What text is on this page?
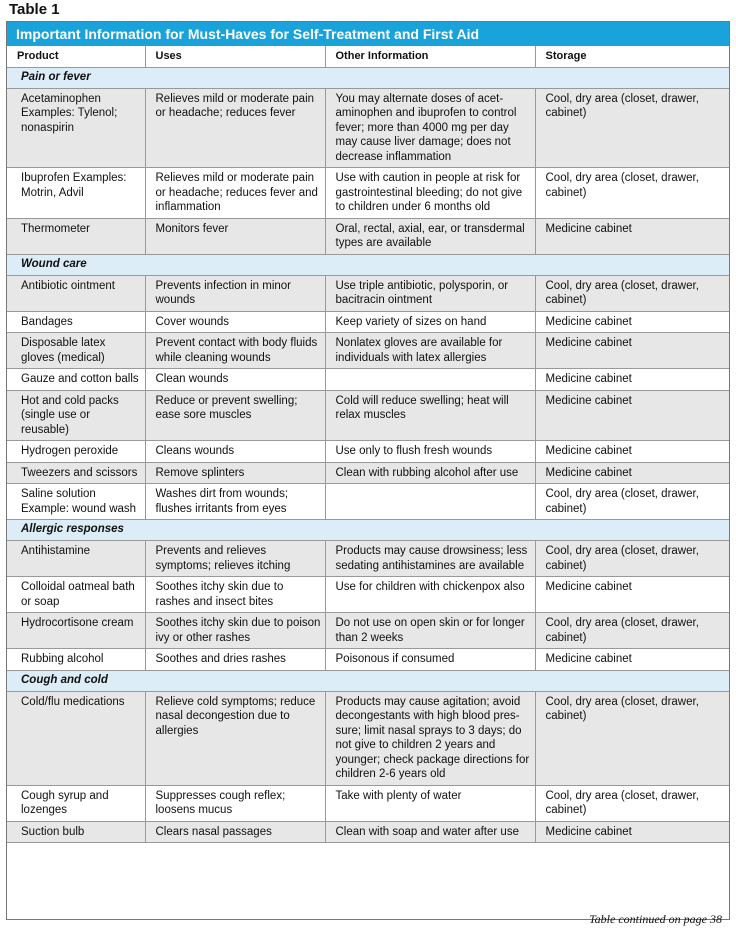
Table 1
Important Information for Must-Haves for Self-Treatment and First Aid
Product	Uses	Other Information	Storage
Pain or fever			
Acetaminophen Examples: Tylenol; nonaspirin	Relieves mild or moderate pain or headache; reduces fever	You may alternate doses of acet-aminophen and ibuprofen to control fever; more than 4000 mg per day may cause liver damage; does not decrease inflammation	Cool, dry area (closet, drawer, cabinet)
Ibuprofen Examples: Motrin, Advil	Relieves mild or moderate pain or headache; reduces fever and inflammation	Use with caution in people at risk for gastrointestinal bleeding; do not give to children under 6 months old	Cool, dry area (closet, drawer, cabinet)
Thermometer	Monitors fever	Oral, rectal, axial, ear, or transdermal types are available	Medicine cabinet
Wound care			
Antibiotic ointment	Prevents infection in minor wounds	Use triple antibiotic, polysporin, or bacitracin ointment	Cool, dry area (closet, drawer, cabinet)
Bandages	Cover wounds	Keep variety of sizes on hand	Medicine cabinet
Disposable latex gloves (medical)	Prevent contact with body fluids while cleaning wounds	Nonlatex gloves are available for individuals with latex allergies	Medicine cabinet
Gauze and cotton balls	Clean wounds		Medicine cabinet
Hot and cold packs (single use or reusable)	Reduce or prevent swelling; ease sore muscles	Cold will reduce swelling; heat will relax muscles	Medicine cabinet
Hydrogen peroxide	Cleans wounds	Use only to flush fresh wounds	Medicine cabinet
Tweezers and scissors	Remove splinters	Clean with rubbing alcohol after use	Medicine cabinet
Saline solution Example: wound wash	Washes dirt from wounds; flushes irritants from eyes		Cool, dry area (closet, drawer, cabinet)
Allergic responses			
Antihistamine	Prevents and relieves symptoms; relieves itching	Products may cause drowsiness; less sedating antihistamines are available	Cool, dry area (closet, drawer, cabinet)
Colloidal oatmeal bath or soap	Soothes itchy skin due to rashes and insect bites	Use for children with chickenpox also	Medicine cabinet
Hydrocortisone cream	Soothes itchy skin due to poison ivy or other rashes	Do not use on open skin or for longer than 2 weeks	Cool, dry area (closet, drawer, cabinet)
Rubbing alcohol	Soothes and dries rashes	Poisonous if consumed	Medicine cabinet
Cough and cold			
Cold/flu medications	Relieve cold symptoms; reduce nasal decongestion due to allergies	Products may cause agitation; avoid decongestants with high blood pres-sure; limit nasal sprays to 3 days; do not give to children 2 years and younger; check package directions for children 2-6 years old	Cool, dry area (closet, drawer, cabinet)
Cough syrup and lozenges	Suppresses cough reflex; loosens mucus	Take with plenty of water	Cool, dry area (closet, drawer, cabinet)
Suction bulb	Clears nasal passages	Clean with soap and water after use	Medicine cabinet
Table continued on page 38
